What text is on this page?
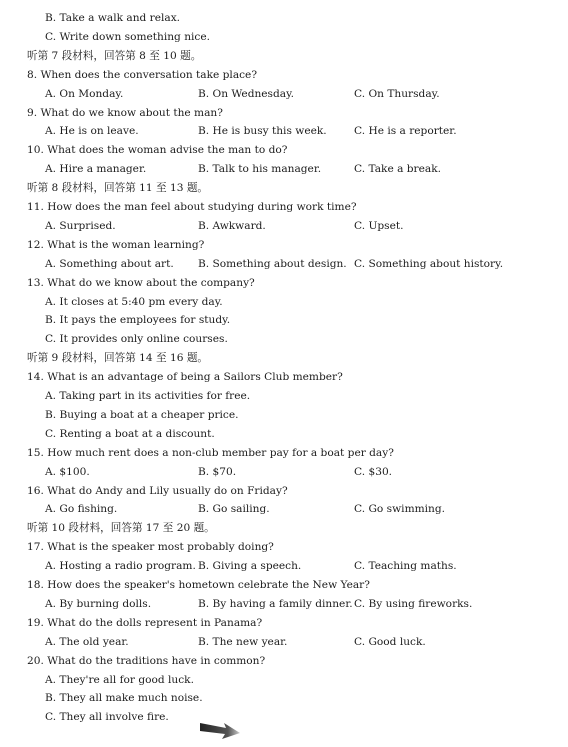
B. Take a walk and relax.
C. Write down something nice.
听第 7 段材料，回答第 8 至 10 题。
8. When does the conversation take place?
A. On Monday.	B. On Wednesday.	C. On Thursday.
9. What do we know about the man?
A. He is on leave.	B. He is busy this week.	C. He is a reporter.
10. What does the woman advise the man to do?
A. Hire a manager.	B. Talk to his manager.	C. Take a break.
听第 8 段材料，回答第 11 至 13 题。
11. How does the man feel about studying during work time?
A. Surprised.	B. Awkward.	C. Upset.
12. What is the woman learning?
A. Something about art. B. Something about design. C. Something about history.
13. What do we know about the company?
A. It closes at 5:40 pm every day.
B. It pays the employees for study.
C. It provides only online courses.
听第 9 段材料，回答第 14 至 16 题。
14. What is an advantage of being a Sailors Club member?
A. Taking part in its activities for free.
B. Buying a boat at a cheaper price.
C. Renting a boat at a discount.
15. How much rent does a non-club member pay for a boat per day?
A. $100.	B. $70.	C. $30.
16. What do Andy and Lily usually do on Friday?
A. Go fishing.	B. Go sailing.	C. Go swimming.
听第 10 段材料，回答第 17 至 20 题。
17. What is the speaker most probably doing?
A. Hosting a radio program. B. Giving a speech.	C. Teaching maths.
18. How does the speaker's hometown celebrate the New Year?
A. By burning dolls.	B. By having a family dinner. C. By using fireworks.
19. What do the dolls represent in Panama?
A. The old year.	B. The new year.	C. Good luck.
20. What do the traditions have in common?
A. They're all for good luck.
B. They all make much noise.
C. They all involve fire.
